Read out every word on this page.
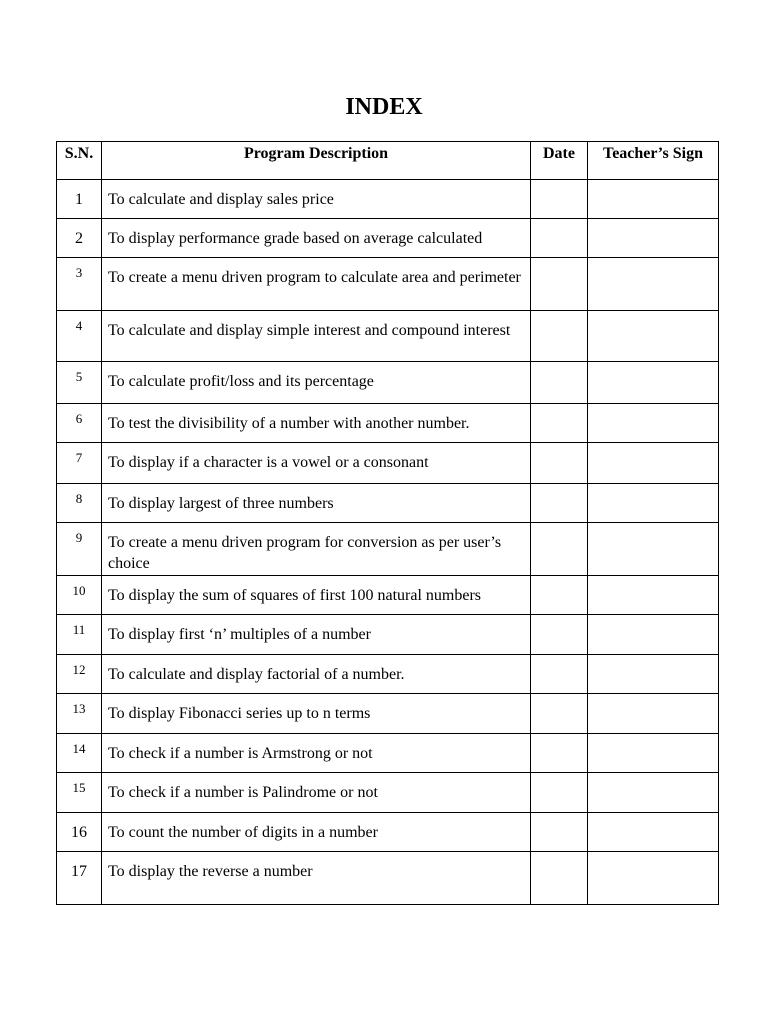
INDEX
S.N.	Program Description	Date	Teacher’s Sign
1	To calculate and display sales price		
2	To display performance grade based on average calculated		
3	To create a menu driven program to calculate area and perimeter		
4	To calculate and display simple interest and compound interest		
5	To calculate profit/loss and its percentage		
6	To test the divisibility of a number with another number.		
7	To display if a character is a vowel or a consonant		
8	To display largest of three numbers		
9	To create a menu driven program for conversion as per user’s choice		
10	To display the sum of squares of first 100 natural numbers		
11	To display first ‘n’ multiples of a number		
12	To calculate and display factorial of a number.		
13	To display Fibonacci series up to n terms		
14	To check if a number is Armstrong or not		
15	To check if a number is Palindrome or not		
16	To count the number of digits in a number		
17	To display the reverse a number		
